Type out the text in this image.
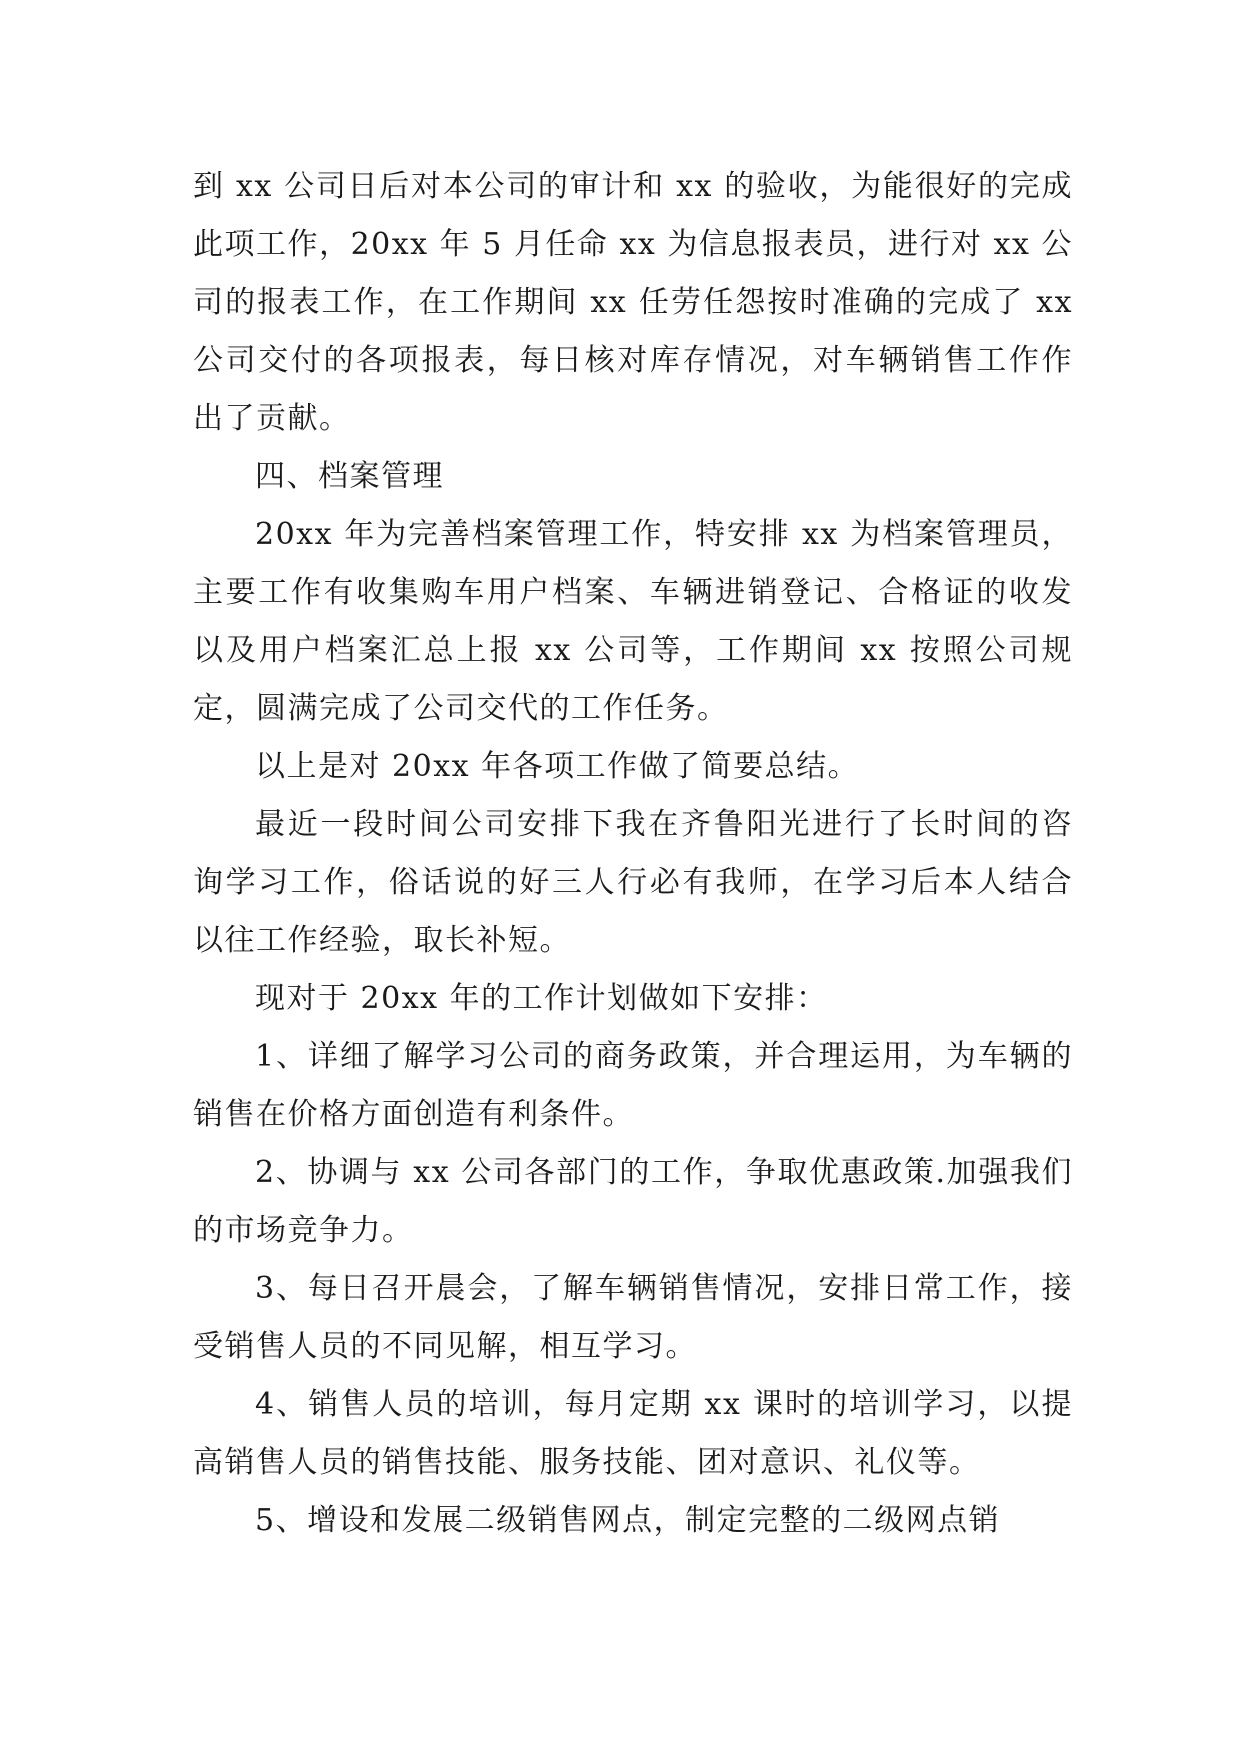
到 xx 公司日后对本公司的审计和 xx 的验收，为能很好的完成此项工作，20xx 年 5 月任命 xx 为信息报表员，进行对 xx 公司的报表工作，在工作期间 xx 任劳任怨按时准确的完成了 xx 公司交付的各项报表，每日核对库存情况，对车辆销售工作作出了贡献。

四、档案管理

20xx 年为完善档案管理工作，特安排 xx 为档案管理员，主要工作有收集购车用户档案、车辆进销登记、合格证的收发以及用户档案汇总上报 xx 公司等，工作期间 xx 按照公司规定，圆满完成了公司交代的工作任务。

以上是对 20xx 年各项工作做了简要总结。

最近一段时间公司安排下我在齐鲁阳光进行了长时间的咨询学习工作，俗话说的好三人行必有我师，在学习后本人结合以往工作经验，取长补短。

现对于 20xx 年的工作计划做如下安排：

1、详细了解学习公司的商务政策，并合理运用，为车辆的销售在价格方面创造有利条件。

2、协调与 xx 公司各部门的工作，争取优惠政策.加强我们的市场竞争力。

3、每日召开晨会，了解车辆销售情况，安排日常工作，接受销售人员的不同见解，相互学习。

4、销售人员的培训，每月定期 xx 课时的培训学习，以提高销售人员的销售技能、服务技能、团对意识、礼仪等。

5、增设和发展二级销售网点，制定完整的二级网点销
